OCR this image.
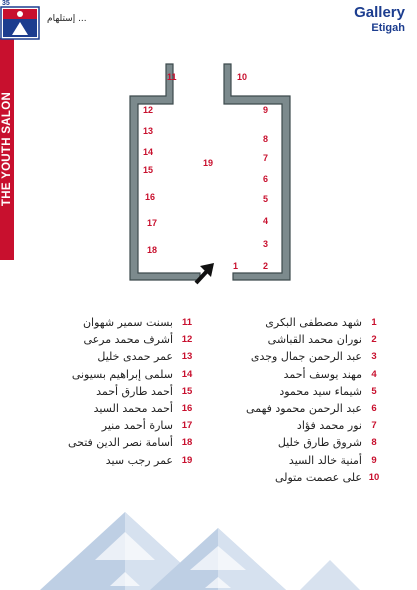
THE YOUTH SALON
35
إستلهام ...	Gallery
Etigah
11	10
12	9
13
8
14
7
19
15
6
16	5
17	4
3
18
1	2
شهد مصطفى البكرى 1
نوران محمد القباشى 2
عبد الرحمن جمال وجدى 3
مهند يوسف أحمد 4
شيماء سيد محمود 5
عبد الرحمن محمود فهمى 6
نور محمد فؤاد 7
شروق طارق خليل 8
أمنية خالد السيد 9
على عصمت متولى 10
بسنت سمير شهوان 11
أشرف محمد مرعى 12
عمر حمدى خليل 13
سلمى إبراهيم بسيونى 14
أحمد طارق أحمد 15
أحمد محمد السيد 16
سارة أحمد منير 17
أسامة نصر الدين فتحى 18
عمر رجب سيد 19
